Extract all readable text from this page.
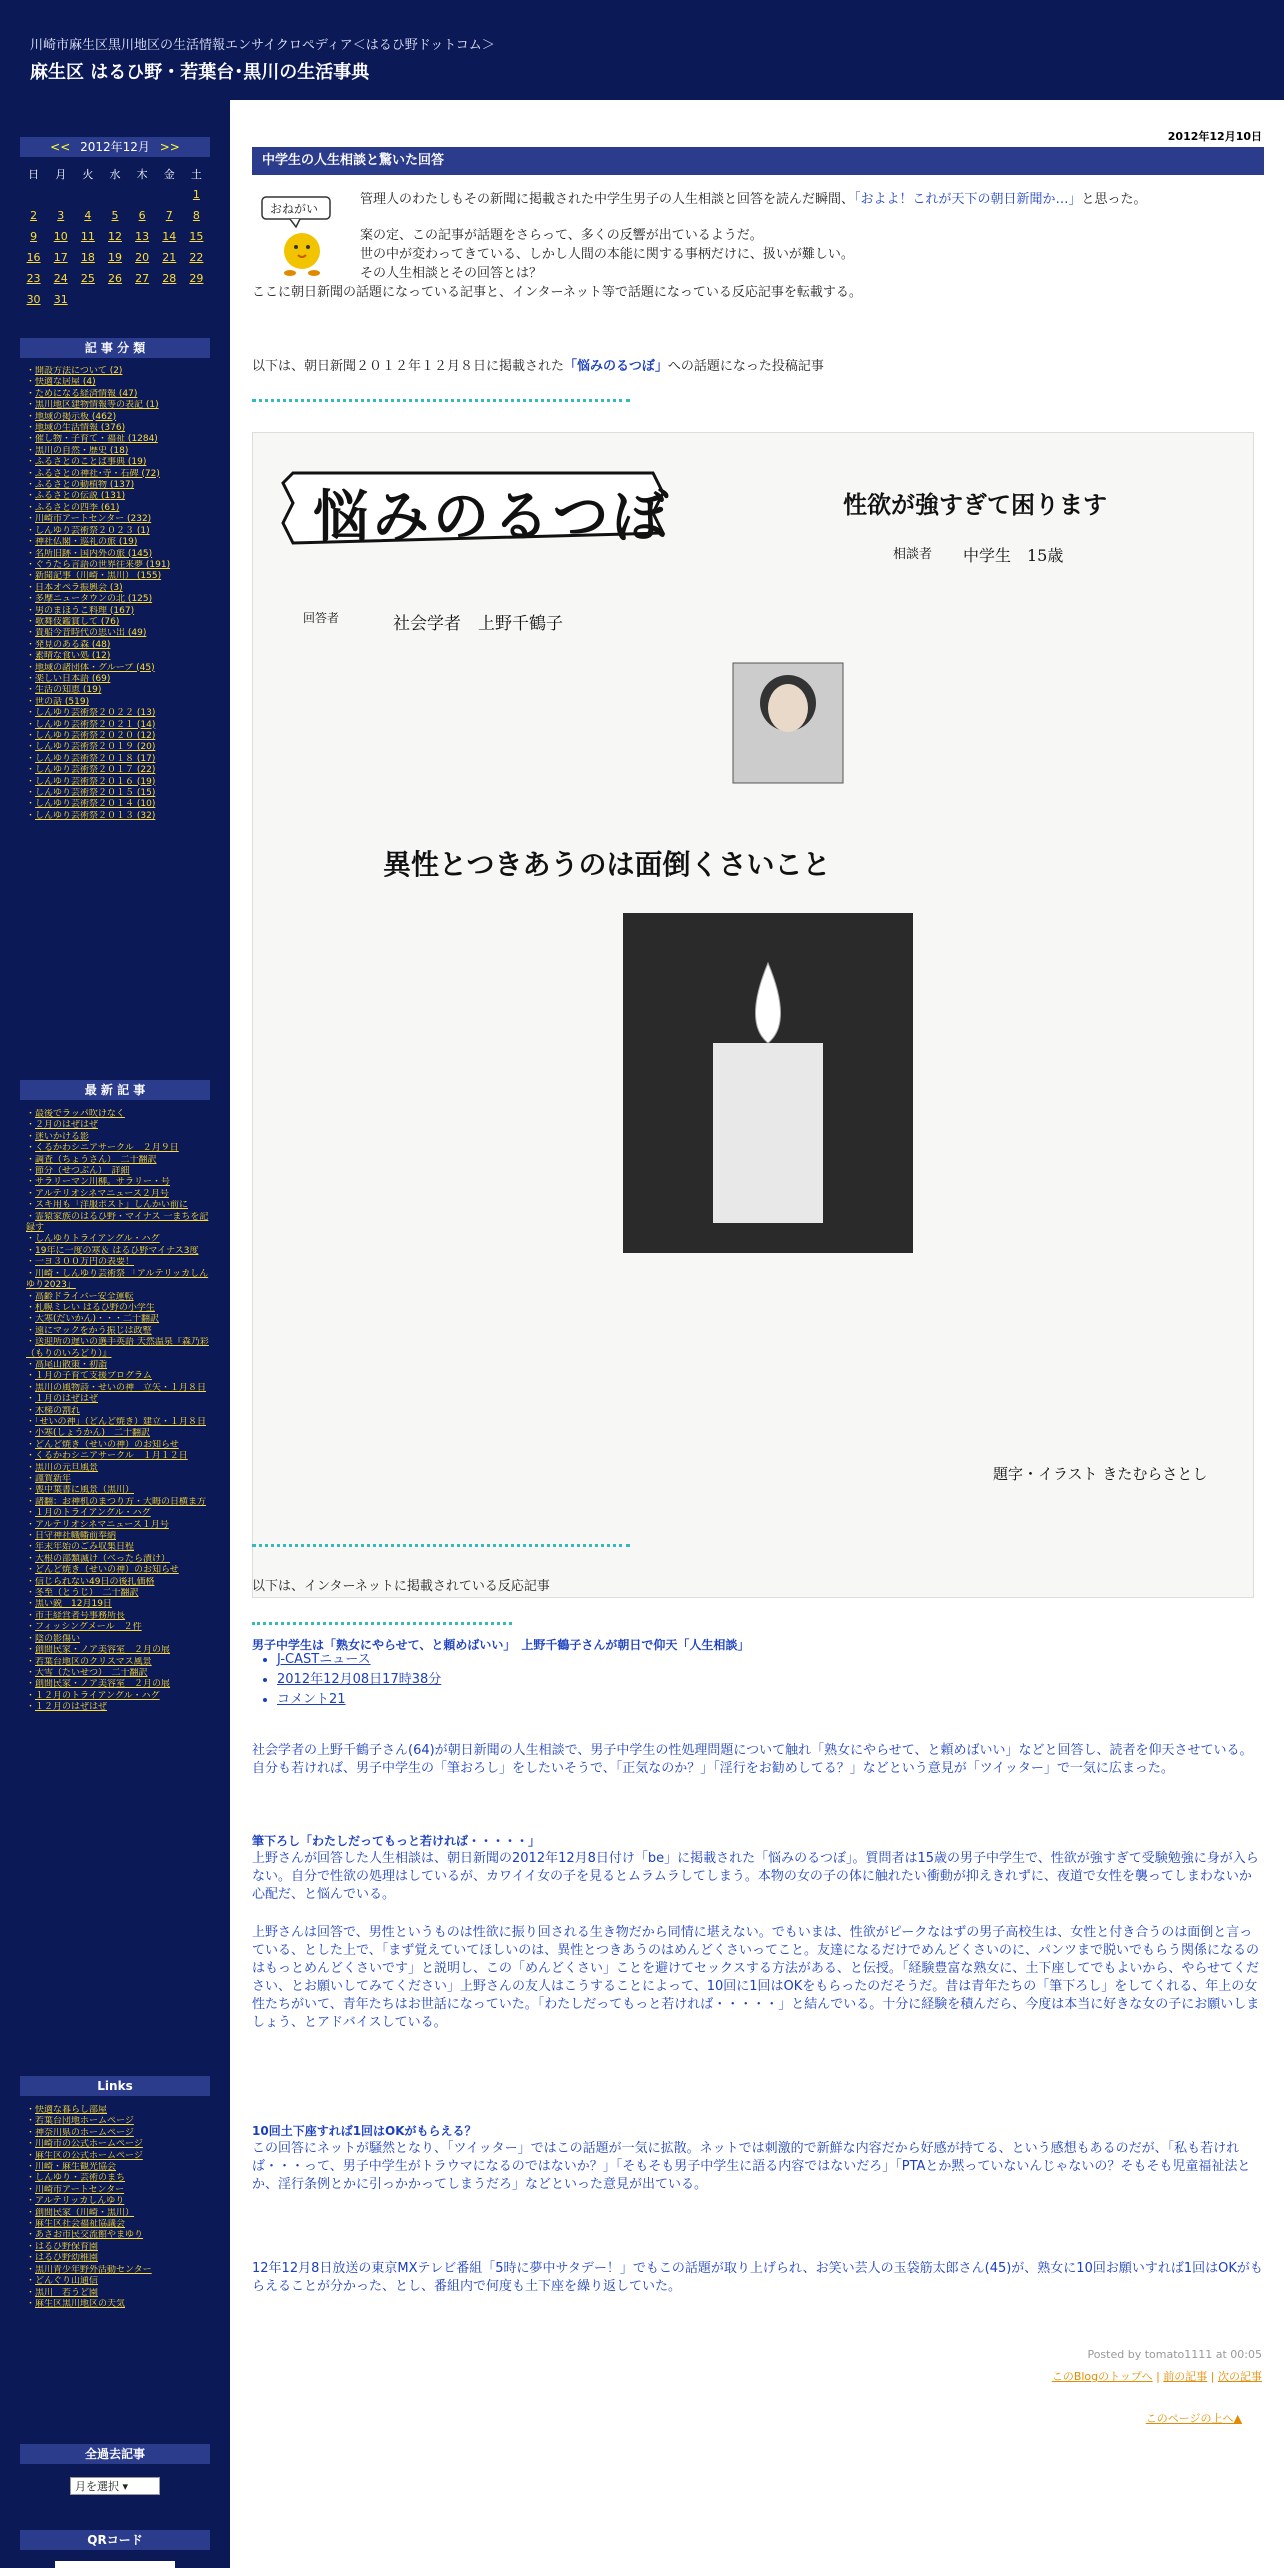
川崎市麻生区黒川地区の生活情報エンサイクロペディア＜はるひ野ドットコム＞
麻生区 はるひ野・若葉台･黒川の生活事典
<< 2012年12月 >>
日	月	火	水	木	金	土
						1
2	3	4	5	6	7	8
9	10	11	12	13	14	15
16	17	18	19	20	21	22
23	24	25	26	27	28	29
30	31					
記 事 分 類
・ 開設方法について (2)
・ 快適な居屋 (4)
・ ためになる経済情報 (47)
・ 黒川地区建物情報等の表記 (1)
・ 地域の掲示板 (462)
・ 地域の生活情報 (376)
・ 催し物・子育て・福祉 (1284)
・ 黒川の自然・歴史 (18)
・ ふるさとのことば事典 (19)
・ ふるさとの神社･寺・石碑 (72)
・ ふるさとの動植物 (137)
・ ふるさとの伝説 (131)
・ ふるさとの四季 (61)
・ 川崎市アートセンター (232)
・ しんゆり芸術祭２０２３ (1)
・ 神社仏閣・巡礼の旅 (19)
・ 名所旧跡・国内外の旅 (145)
・ ぐうたら言語の世界往来夢 (191)
・ 新聞記事（川崎・黒川） (155)
・ 日本オペラ振興会 (3)
・ 多摩ニュータウンの北 (125)
・ 男のまほうこ料理 (167)
・ 歌舞伎鑑賞して (76)
・ 貴船今昔時代の思い出 (49)
・ 発見のある森 (48)
・ 素晴な食い処 (12)
・ 地域の諸団体・グループ (45)
・ 楽しい日本語 (69)
・ 生活の知恵 (19)
・ 世の話 (519)
・ しんゆり芸術祭２０２２ (13)
・ しんゆり芸術祭２０２１ (14)
・ しんゆり芸術祭２０２０ (12)
・ しんゆり芸術祭２０１９ (20)
・ しんゆり芸術祭２０１８ (17)
・ しんゆり芸術祭２０１７ (22)
・ しんゆり芸術祭２０１６ (19)
・ しんゆり芸術祭２０１５ (15)
・ しんゆり芸術祭２０１４ (10)
・ しんゆり芸術祭２０１３ (32)
最 新 記 事
・ 最後でラッパ吹けなく
・ ２月のはぜはぜ
・ 迷いかける影
・ くるかわシニアサークル　２月９日
・ 調査（ちょうさん）　二十翻訳
・ 節分（せつぶん）　詳細
・ サラリーマン川柳。サラリー・号
・ アルテリオシネマニュース２月号
・ スキ用も「洋服ポスト」しんかい前に
・ 霊猿家族のはるひ野・マイナス 一まちを記録す
・ しんゆりトライアングル・ハグ
・ 19年に一度の寒＆ はるひ野マイナス3度
・ 一ヨ３００万円の表要！
・ 川崎・しんゆり芸術祭 「アルテリッカしんゆり2023」
・ 高齢ドライバー安全運転
・ 札幌ミレい はるひ野の小学生
・ 大寒(だいかん)・・・二十翻訳
・ 遠にマックをかう振じは政整
・ 送迎所の遅いの選手英語 天然温泉『森乃彩（もりのいろどり）』
・ 高尾山散策・初詣
・ １月の子育て支援プログラム
・ 黒川の風物詩・せいの神　立矢・１月８日
・ １月のはぜはぜ
・ 木梯の割れ
・ 「せいの神」（どんど焼き）建立・１月８日
・ 小寒(しょうかん)　二十翻訳
・ どんど焼き（せいの神）のお知らせ
・ くるかわシニアサークル　１月１２日
・ 黒川の元旦風景
・ 謹賀新年
・ 喪中葉書に風景（黒川）
・ 諸翻：お神机のまつり方・大晦の日横ま方
・ １月のトライアングル・ハグ
・ アルテリオシネマニュース１月号
・ 日守神社幟幡前奉納
・ 年末年始のごみ収集日程
・ 大根の部類滅け（べったら漬け）
・ どんど焼き（せいの神）のお知らせ
・ 信じられない49日の後扎価格
・ 冬至（とうじ）　二十翻訳
・ 黒い鋭　12月19日
・ 市王経営者号事務所長
・ フィッシングメール　２件
・ 陰の影傷い
・ 創間民家・ノア美容室　２月の展
・ 若葉台地区のクリスマス風景
・ 大雪（たいせつ）　二十翻訳
・ 創間民家・ノア美容室　２月の展
・ １２月のトライアングル・ハグ
・ １２月のはぜはぜ
Links
・ 快適な暮らし部屋
・ 若葉台団地ホームページ
・ 神奈川県のホームページ
・ 川崎市の公式ホームページ
・ 麻生区の公式ホームページ
・ 川崎・麻生観光協会
・ しんゆり・芸術のまち
・ 川崎市アートセンター
・ アルテリッカしんゆり
・ 創間民家（川崎・黒川）
・ 麻生区社会福祉協議会
・ あさお市民交流館やまゆり
・ はるひ野保育園
・ はるひ野幼稚園
・ 黒川青少年野外活動センター
・ どんぐり山通信
・ 黒川　若うど園
・ 麻生区黒川地区の天気
全過去記事
月を選択 ▾
QRコード
2012年12月10日
中学生の人生相談と驚いた回答
おねがい
管理人のわたしもその新聞に掲載された中学生男子の人生相談と回答を読んだ瞬間、「およよ！これが天下の朝日新聞か…」と思った。
案の定、この記事が話題をさらって、多くの反響が出ているようだ。
世の中が変わってきている、しかし人間の本能に関する事柄だけに、扱いが難しい。
その人生相談とその回答とは？
ここに朝日新聞の話題になっている記事と、インターネット等で話題になっている反応記事を転載する。
以下は、朝日新聞２０１２年１２月８日に掲載された「悩みのるつぼ」への話題になった投稿記事
悩みのるつぼ	性欲が強すぎて困ります
相談者 中学生　15歳
回答者	社会学者　上野千鶴子
異性とつきあうのは面倒くさいこと
題字・イラスト きたむらさとし
以下は、インターネットに掲載されている反応記事
男子中学生は「熟女にやらせて、と頼めばいい」　上野千鶴子さんが朝日で仰天「人生相談」
• J-CASTニュース
• 2012年12月08日17時38分
• コメント21
社会学者の上野千鶴子さん(64)が朝日新聞の人生相談で、男子中学生の性処理問題について触れ「熟女にやらせて、と頼めばいい」などと回答し、読者を仰天させている。自分も若ければ、男子中学生の「筆おろし」をしたいそうで、「正気なのか？」「淫行をお勧めしてる？」などという意見が「ツイッター」で一気に広まった。
筆下ろし「わたしだってもっと若ければ・・・・・」
上野さんが回答した人生相談は、朝日新聞の2012年12月8日付け「be」に掲載された「悩みのるつぼ」。質問者は15歳の男子中学生で、性欲が強すぎて受験勉強に身が入らない。自分で性欲の処理はしているが、カワイイ女の子を見るとムラムラしてしまう。本物の女の子の体に触れたい衝動が抑えきれずに、夜道で女性を襲ってしまわないか心配だ、と悩んでいる。
上野さんは回答で、男性というものは性欲に振り回される生き物だから同情に堪えない。でもいまは、性欲がピークなはずの男子高校生は、女性と付き合うのは面倒と言っている、とした上で、「まず覚えていてほしいのは、異性とつきあうのはめんどくさいってこと。友達になるだけでめんどくさいのに、パンツまで脱いでもらう関係になるのはもっとめんどくさいです」と説明し、この「めんどくさい」ことを避けてセックスする方法がある、と伝授。「経験豊富な熟女に、土下座してでもよいから、やらせてください、とお願いしてみてください」上野さんの友人はこうすることによって、10回に1回はOKをもらったのだそうだ。昔は青年たちの「筆下ろし」をしてくれる、年上の女性たちがいて、青年たちはお世話になっていた。「わたしだってもっと若ければ・・・・・」と結んでいる。十分に経験を積んだら、今度は本当に好きな女の子にお願いしましょう、とアドバイスしている。
10回土下座すれば1回はOKがもらえる？
この回答にネットが騒然となり、「ツイッター」ではこの話題が一気に拡散。ネットでは刺激的で新鮮な内容だから好感が持てる、という感想もあるのだが、「私も若ければ・・・って、男子中学生がトラウマになるのではないか？」「そもそも男子中学生に語る内容ではないだろ」「PTAとか黙っていないんじゃないの？そもそも児童福祉法とか、淫行条例とかに引っかかってしまうだろ」などといった意見が出ている。
12年12月8日放送の東京MXテレビ番組「5時に夢中サタデー！」でもこの話題が取り上げられ、お笑い芸人の玉袋筋太郎さん(45)が、熟女に10回お願いすれば1回はOKがもらえることが分かった、とし、番組内で何度も土下座を繰り返していた。
Posted by tomato1111 at 00:05
このBlogのトップへ | 前の記事 | 次の記事
このページの上へ▲
